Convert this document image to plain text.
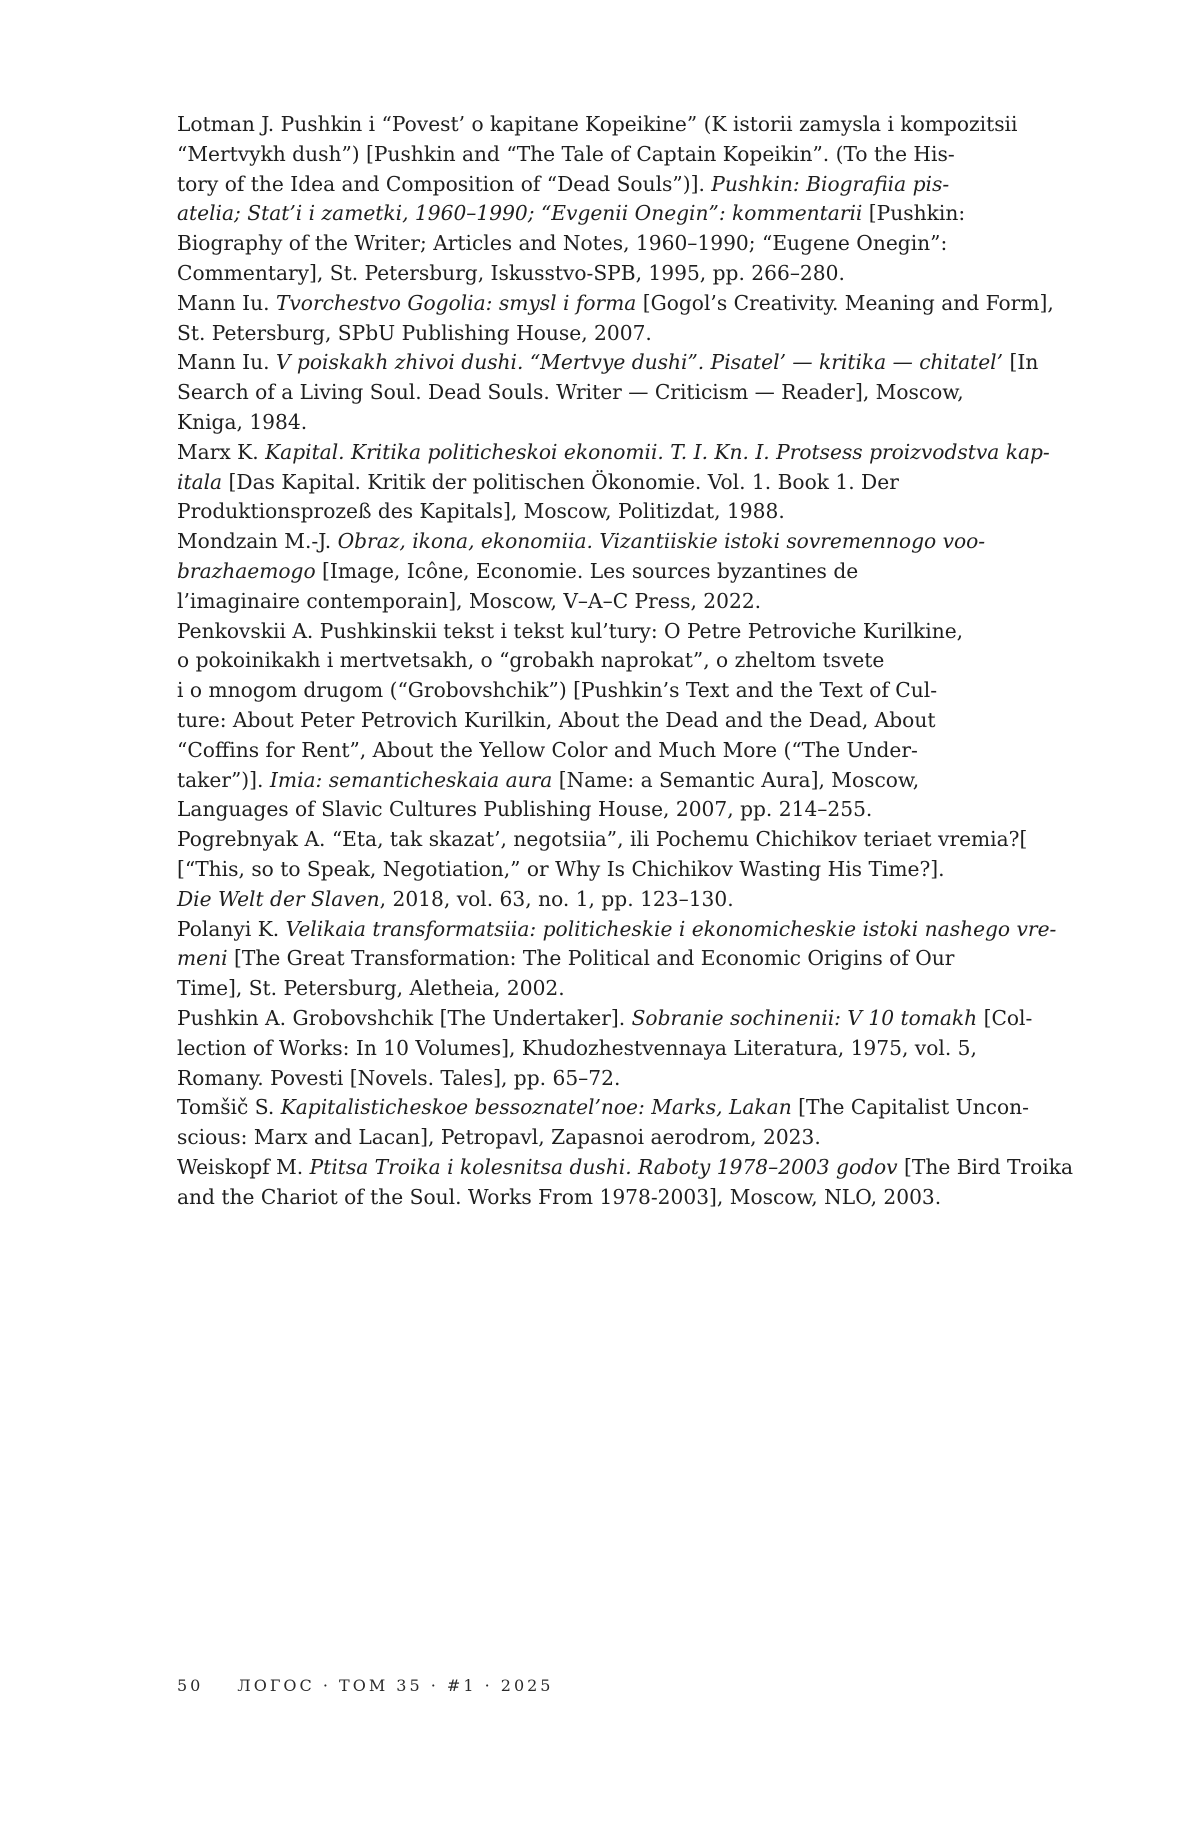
Lotman J. Pushkin i “Povest’ o kapitane Kopeikine” (K istorii zamysla i kompozitsii
“Mertvykh dush”) [Pushkin and “The Tale of Captain Kopeikin”. (To the His-
tory of the Idea and Composition of “Dead Souls”)]. Pushkin: Biografiia pis-
atelia; Stat’i i zametki, 1960–1990; “Evgenii Onegin”: kommentarii [Pushkin:
Biography of the Writer; Articles and Notes, 1960–1990; “Eugene Onegin”:
Commentary], St. Petersburg, Iskusstvo-SPB, 1995, pp. 266–280.
Mann Iu. Tvorchestvo Gogolia: smysl i forma [Gogol’s Creativity. Meaning and Form],
St. Petersburg, SPbU Publishing House, 2007.
Mann Iu. V poiskakh zhivoi dushi. “Mertvye dushi”. Pisatel’ — kritika — chitatel’ [In
Search of a Living Soul. Dead Souls. Writer — Criticism — Reader], Moscow,
Kniga, 1984.
Marx K. Kapital. Kritika politicheskoi ekonomii. T. I. Kn. I. Protsess proizvodstva kap-
itala [Das Kapital. Kritik der politischen Ökonomie. Vol. 1. Book 1. Der
Produktionsprozeß des Kapitals], Moscow, Politizdat, 1988.
Mondzain M.-J. Obraz, ikona, ekonomiia. Vizantiiskie istoki sovremennogo voo-
brazhaemogo [Image, Icône, Economie. Les sources byzantines de
l’imaginaire contemporain], Moscow, V–A–C Press, 2022.
Penkovskii A. Pushkinskii tekst i tekst kul’tury: O Petre Petroviche Kurilkine,
o pokoinikakh i mertvetsakh, o “grobakh naprokat”, o zheltom tsvete
i o mnogom drugom (“Grobovshchik”) [Pushkin’s Text and the Text of Cul-
ture: About Peter Petrovich Kurilkin, About the Dead and the Dead, About
“Coffins for Rent”, About the Yellow Color and Much More (“The Under-
taker”)]. Imia: semanticheskaia aura [Name: a Semantic Aura], Moscow,
Languages of Slavic Cultures Publishing House, 2007, pp. 214–255.
Pogrebnyak A. “Eta, tak skazat’, negotsiia”, ili Pochemu Chichikov teriaet vremia?[
[“This, so to Speak, Negotiation,” or Why Is Chichikov Wasting His Time?].
Die Welt der Slaven, 2018, vol. 63, no. 1, pp. 123–130.
Polanyi K. Velikaia transformatsiia: politicheskie i ekonomicheskie istoki nashego vre-
meni [The Great Transformation: The Political and Economic Origins of Our
Time], St. Petersburg, Aletheia, 2002.
Pushkin A. Grobovshchik [The Undertaker]. Sobranie sochinenii: V 10 tomakh [Col-
lection of Works: In 10 Volumes], Khudozhestvennaya Literatura, 1975, vol. 5,
Romany. Povesti [Novels. Tales], pp. 65–72.
Tomšič S. Kapitalisticheskoe bessoznatel’noe: Marks, Lakan [The Capitalist Uncon-
scious: Marx and Lacan], Petropavl, Zapasnoi aerodrom, 2023.
Weiskopf M. Ptitsa Troika i kolesnitsa dushi. Raboty 1978–2003 godov [The Bird Troika
and the Chariot of the Soul. Works From 1978-2003], Moscow, NLO, 2003.
50 ЛОГОС · ТОМ 35 · #1 · 2025
